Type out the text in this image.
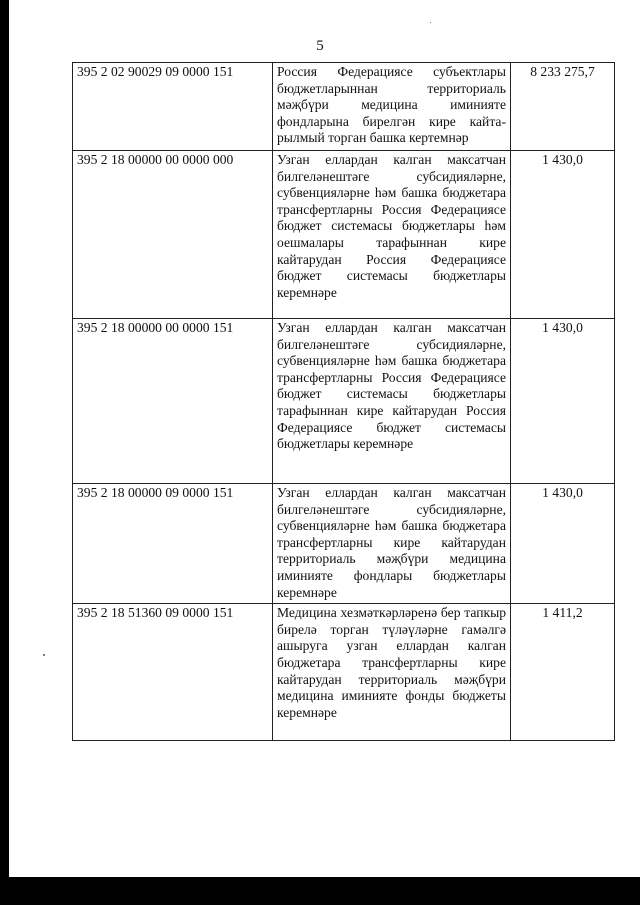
5
395 2 02 90029 09 0000 151	Россия Федерациясе субъектлары бюджетларыннан территориаль мәҗбүри медицина иминияте фондларына бирелгән кире кайта-рылмый торган башка кертемнәр	8 233 275,7
395 2 18 00000 00 0000 000	Узган еллардан калган максатчан билгеләнештәге субсидияләрне, субвенцияләрне һәм башка бюджетара трансфертларны Россия Федерациясе бюджет системасы бюджетлары һәм оешмалары тарафыннан кире кайтарудан Россия Федерациясе бюджет системасы бюджетлары керемнәре	1 430,0
395 2 18 00000 00 0000 151	Узган еллардан калган максатчан билгеләнештәге субсидияләрне, субвенцияләрне һәм башка бюджетара трансфертларны Россия Федерациясе бюджет системасы бюджетлары тарафыннан кире кайтарудан Россия Федерациясе бюджет системасы бюджетлары керемнәре	1 430,0
395 2 18 00000 09 0000 151	Узган еллардан калган максатчан билгеләнештәге субсидияләрне, субвенцияләрне һәм башка бюджетара трансфертларны кире кайтарудан территориаль мәҗбүри медицина иминияте фондлары бюджетлары керемнәре	1 430,0
395 2 18 51360 09 0000 151	Медицина хезмәткәрләренә бер тапкыр бирелә торган түләүләрне гамәлгә ашыруга узган еллардан калган бюджетара трансфертларны кире кайтарудан территориаль мәҗбүри медицина иминияте фонды бюджеты керемнәре	1 411,2
